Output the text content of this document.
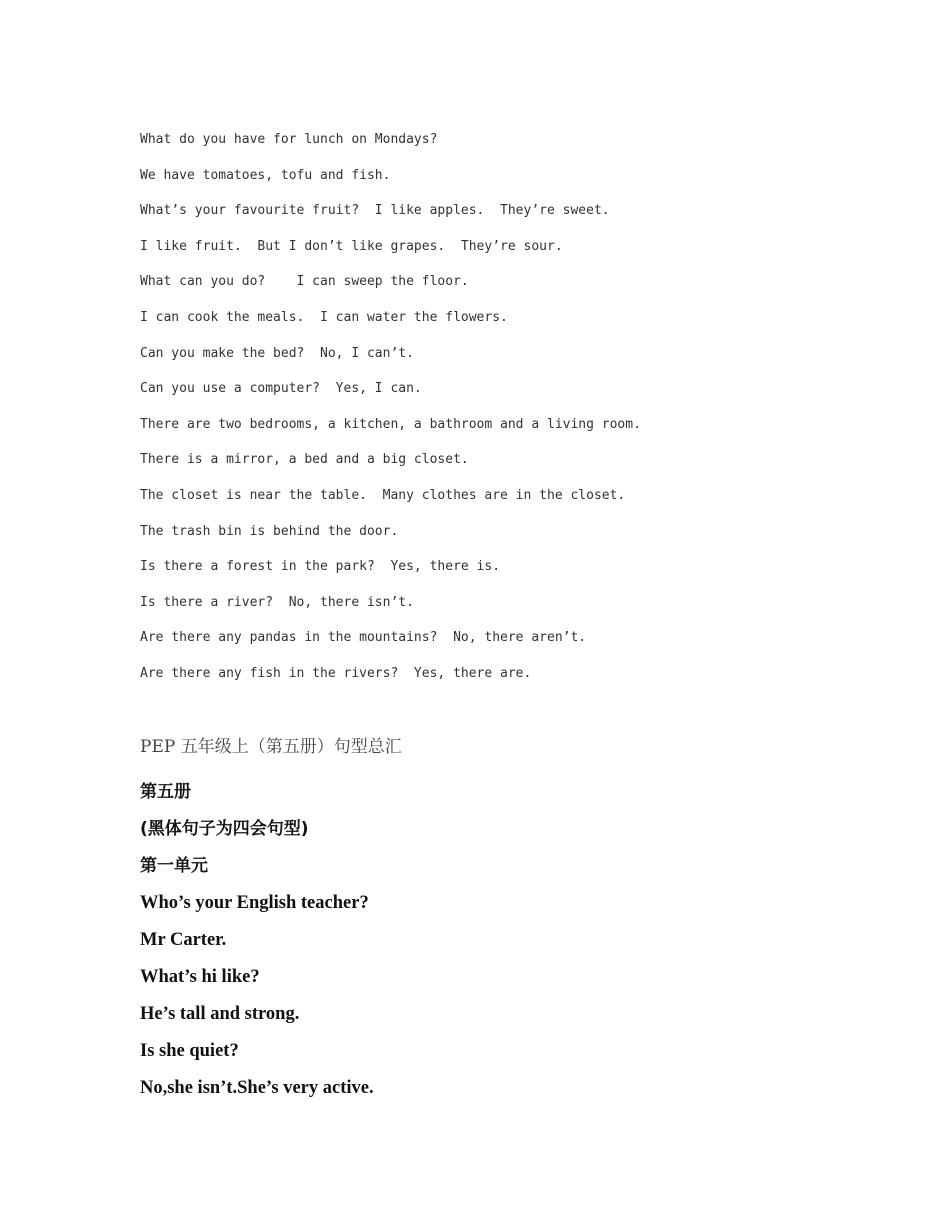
What do you have for lunch on Mondays?
We have tomatoes, tofu and fish.
What’s your favourite fruit?  I like apples.  They’re sweet.
I like fruit.  But I don’t like grapes.  They’re sour.
What can you do?    I can sweep the floor.
I can cook the meals.  I can water the flowers.
Can you make the bed?  No, I can’t.
Can you use a computer?  Yes, I can.
There are two bedrooms, a kitchen, a bathroom and a living room.
There is a mirror, a bed and a big closet.
The closet is near the table.  Many clothes are in the closet.
The trash bin is behind the door.
Is there a forest in the park?  Yes, there is.
Is there a river?  No, there isn’t.
Are there any pandas in the mountains?  No, there aren’t.
Are there any fish in the rivers?  Yes, there are.
PEP 五年级上（第五册）句型总汇
第五册
(黑体句子为四会句型)
第一单元
Who’s your English teacher?
Mr Carter.
What’s hi like?
He’s tall and strong.
Is she quiet?
No,she isn’t.She’s very active.
